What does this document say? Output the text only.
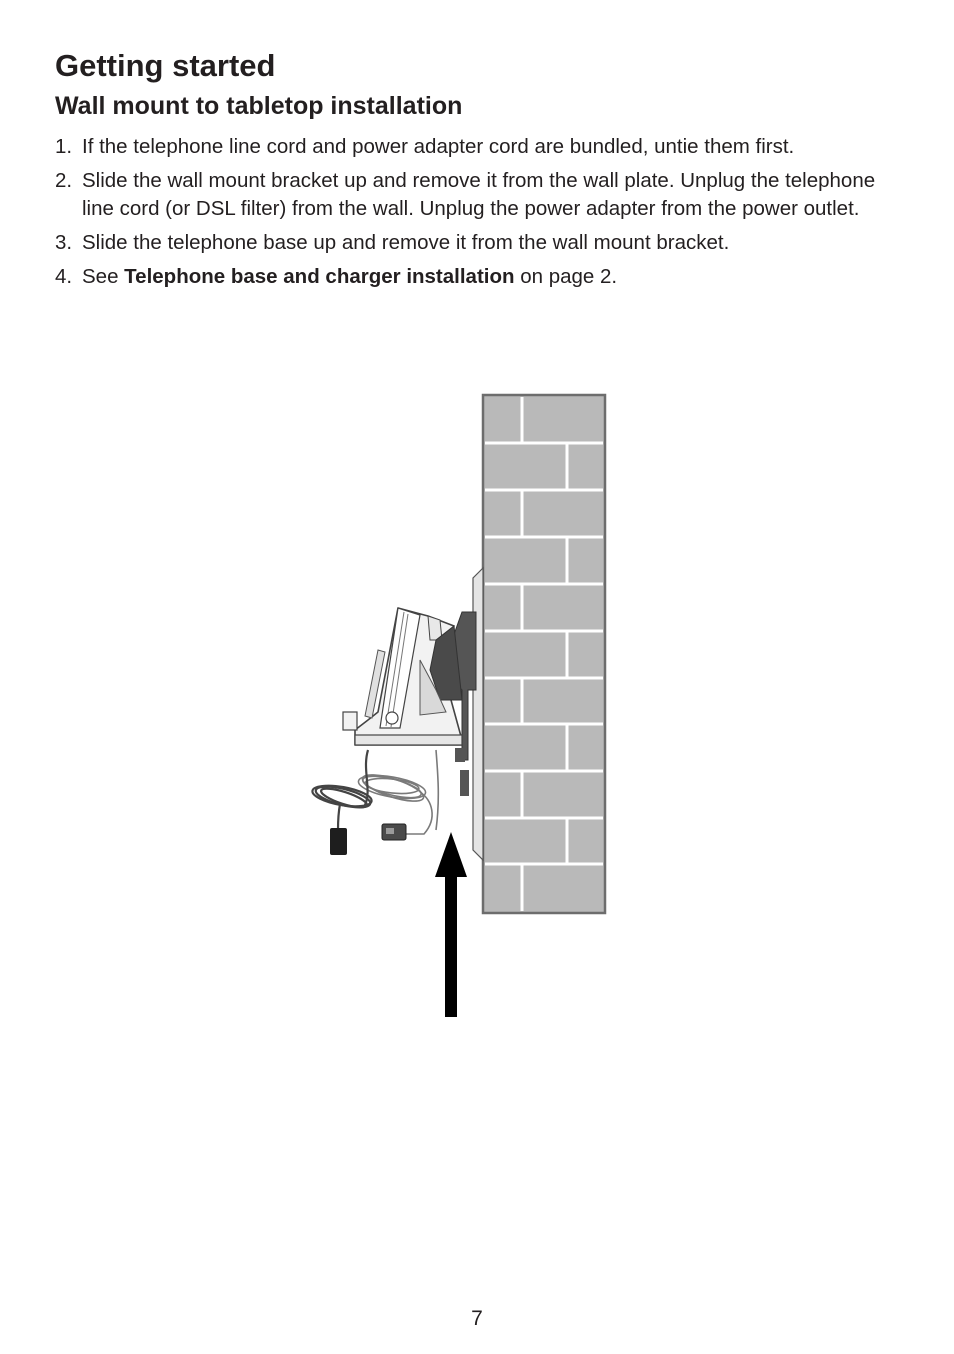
Getting started
Wall mount to tabletop installation
1. If the telephone line cord and power adapter cord are bundled, untie them first.
2. Slide the wall mount bracket up and remove it from the wall plate. Unplug the telephone line cord (or DSL filter) from the wall. Unplug the power adapter from the power outlet.
3. Slide the telephone base up and remove it from the wall mount bracket.
4. See Telephone base and charger installation on page 2.
7
